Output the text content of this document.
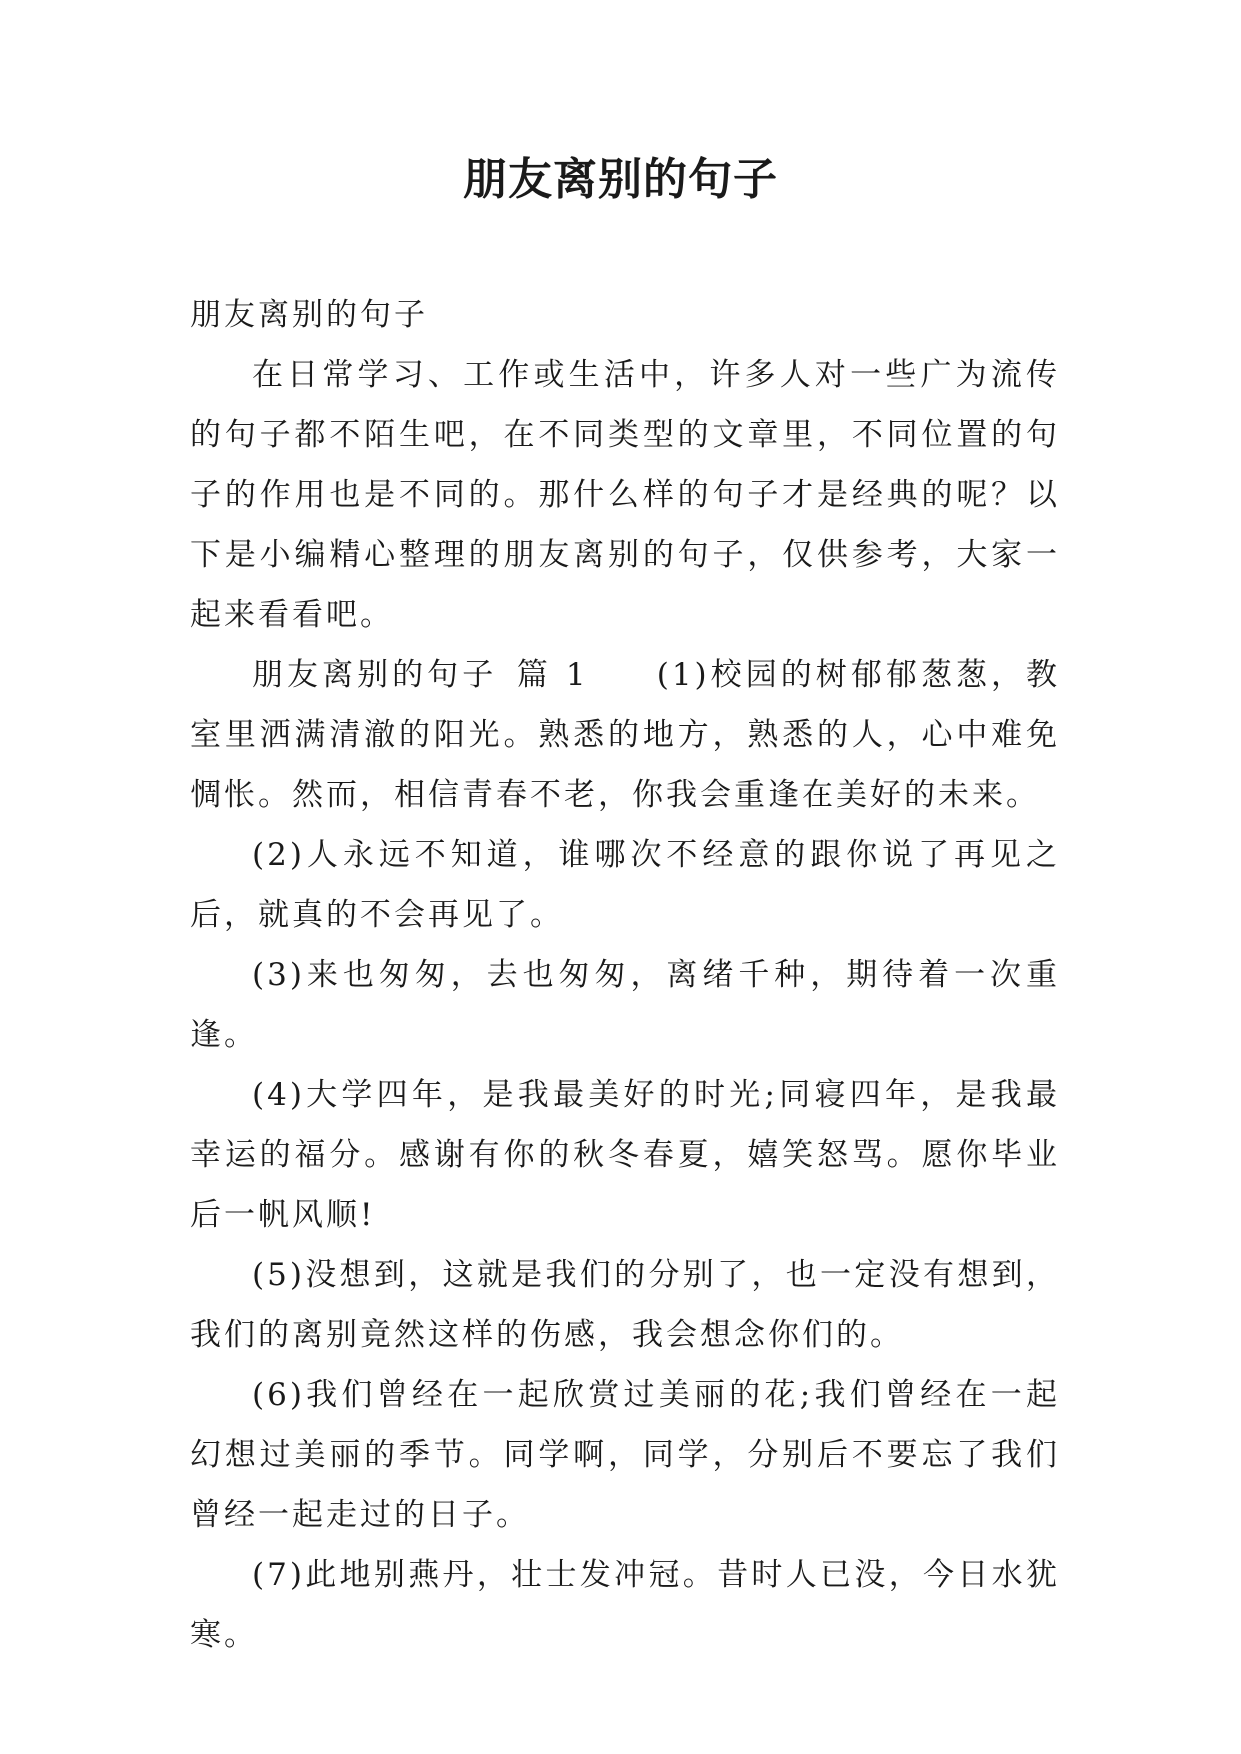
朋友离别的句子

朋友离别的句子

在日常学习、工作或生活中，许多人对一些广为流传的句子都不陌生吧，在不同类型的文章里，不同位置的句子的作用也是不同的。那什么样的句子才是经典的呢？以下是小编精心整理的朋友离别的句子，仅供参考，大家一起来看看吧。

朋友离别的句子 篇 1 (1)校园的树郁郁葱葱，教室里洒满清澈的阳光。熟悉的地方，熟悉的人，心中难免惆怅。然而，相信青春不老，你我会重逢在美好的未来。

(2)人永远不知道，谁哪次不经意的跟你说了再见之后，就真的不会再见了。

(3)来也匆匆，去也匆匆，离绪千种，期待着一次重逢。

(4)大学四年，是我最美好的时光;同寝四年，是我最幸运的福分。感谢有你的秋冬春夏，嬉笑怒骂。愿你毕业后一帆风顺!

(5)没想到，这就是我们的分别了，也一定没有想到，我们的离别竟然这样的伤感，我会想念你们的。

(6)我们曾经在一起欣赏过美丽的花;我们曾经在一起幻想过美丽的季节。同学啊，同学，分别后不要忘了我们曾经一起走过的日子。

(7)此地别燕丹，壮士发冲冠。昔时人已没，今日水犹寒。
